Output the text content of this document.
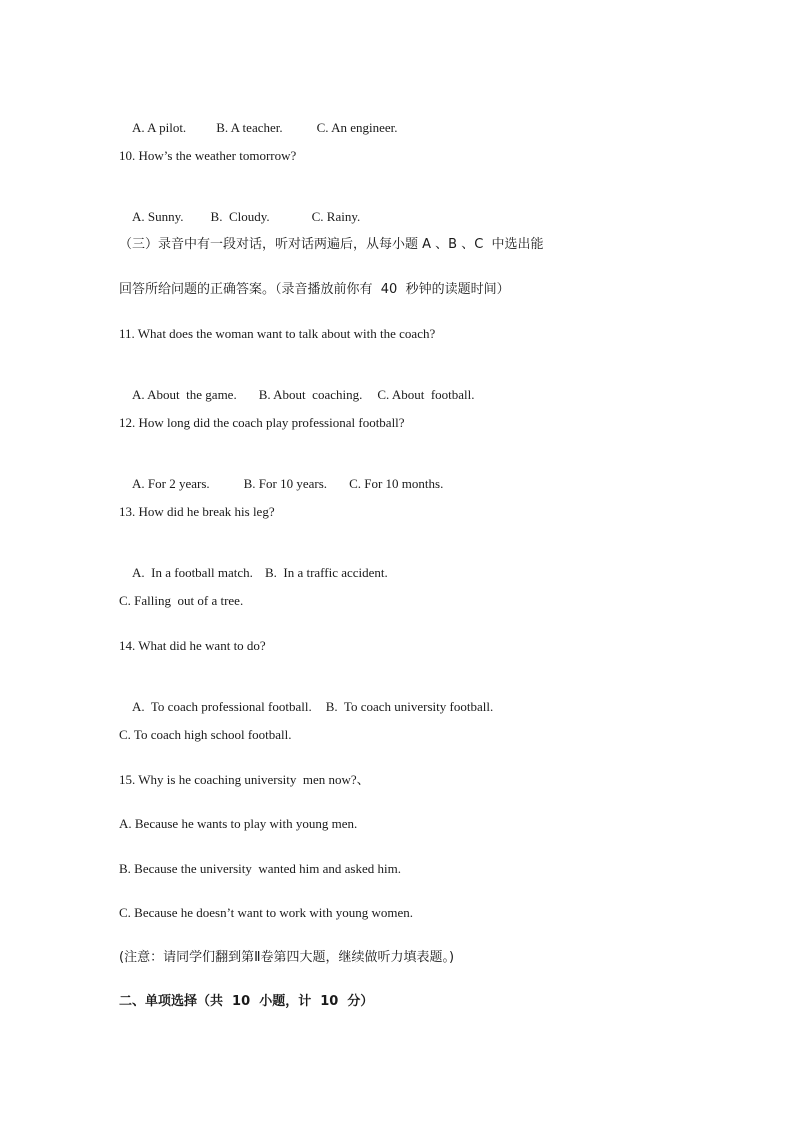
A. A pilot. B. A teacher.	C. An engineer.

10. How’s the weather tomorrow?

A. Sunny. B.  Cloudy.	C. Rainy.

（三）录音中有一段对话，听对话两遍后，从每小题 A 、B 、C  中选出能
回答所给问题的正确答案。（录音播放前你有  40  秒钟的读题时间）
11. What does the woman want to talk about with the coach?

A. About  the game. B. About  coaching. C. About  football.

12. How long did the coach play professional football?

A. For 2 years.	B. For 10 years. C. For 10 months.

13. How did he break his leg?

A.  In a football match. B.  In a traffic accident.

C. Falling  out of a tree.
14. What did he want to do?

A.  To coach professional football. B.  To coach university football.

C. To coach high school football.
15. Why is he coaching university  men now?、
A. Because he wants to play with young men.
B. Because the university  wanted him and asked him.
C. Because he doesn’t want to work with young women.
(注意：请同学们翻到第Ⅱ卷第四大题，继续做听力填表题。)
二、单项选择（共  10  小题，计  10  分）
